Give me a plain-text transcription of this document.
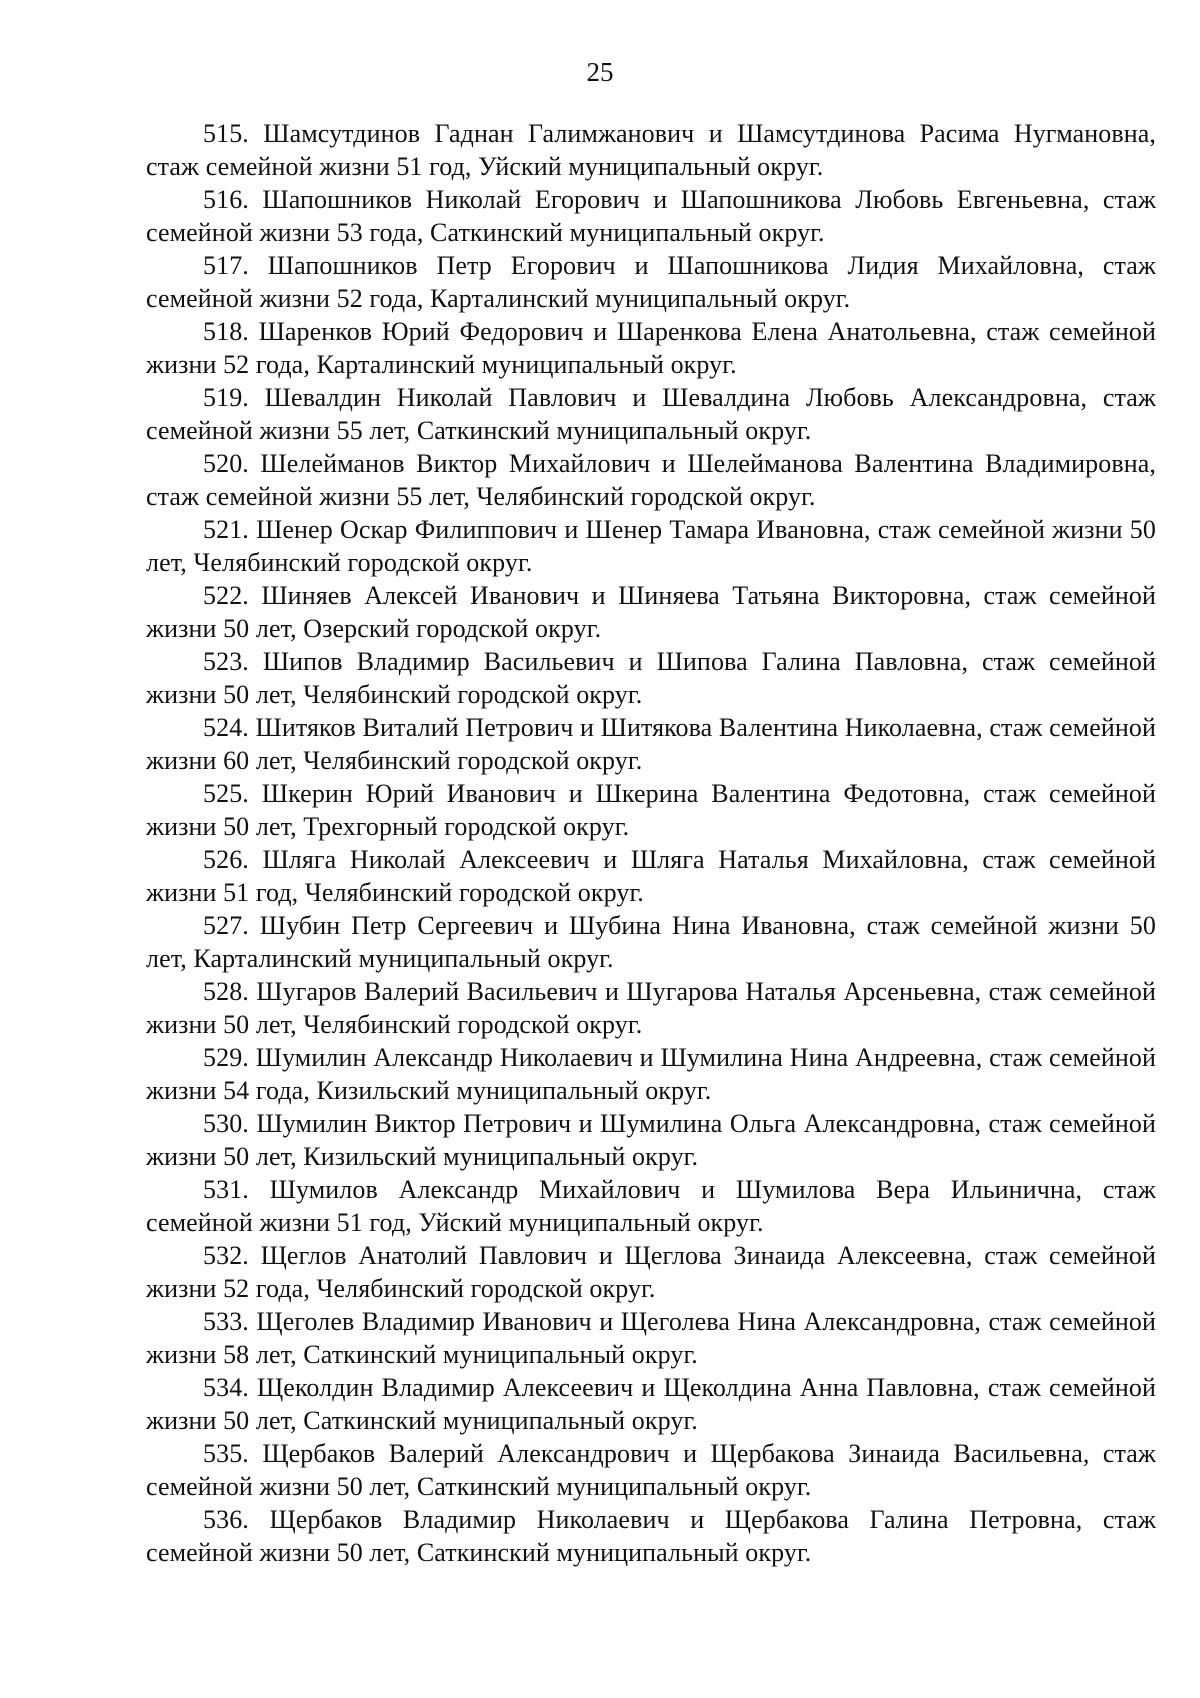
25

515. Шамсутдинов Гаднан Галимжанович и Шамсутдинова Расима Нугмановна, стаж семейной жизни 51 год, Уйский муниципальный округ.

516. Шапошников Николай Егорович и Шапошникова Любовь Евгеньевна, стаж семейной жизни 53 года, Саткинский муниципальный округ.

517. Шапошников Петр Егорович и Шапошникова Лидия Михайловна, стаж семейной жизни 52 года, Карталинский муниципальный округ.

518. Шаренков Юрий Федорович и Шаренкова Елена Анатольевна, стаж семейной жизни 52 года, Карталинский муниципальный округ.

519. Шевалдин Николай Павлович и Шевалдина Любовь Александровна, стаж семейной жизни 55 лет, Саткинский муниципальный округ.

520. Шелейманов Виктор Михайлович и Шелейманова Валентина Владимировна, стаж семейной жизни 55 лет, Челябинский городской округ.

521. Шенер Оскар Филиппович и Шенер Тамара Ивановна, стаж семейной жизни 50 лет, Челябинский городской округ.

522. Шиняев Алексей Иванович и Шиняева Татьяна Викторовна, стаж семейной жизни 50 лет, Озерский городской округ.

523. Шипов Владимир Васильевич и Шипова Галина Павловна, стаж семейной жизни 50 лет, Челябинский городской округ.

524. Шитяков Виталий Петрович и Шитякова Валентина Николаевна, стаж семейной жизни 60 лет, Челябинский городской округ.

525. Шкерин Юрий Иванович и Шкерина Валентина Федотовна, стаж семейной жизни 50 лет, Трехгорный городской округ.

526. Шляга Николай Алексеевич и Шляга Наталья Михайловна, стаж семейной жизни 51 год, Челябинский городской округ.

527. Шубин Петр Сергеевич и Шубина Нина Ивановна, стаж семейной жизни 50 лет, Карталинский муниципальный округ.

528. Шугаров Валерий Васильевич и Шугарова Наталья Арсеньевна, стаж семейной жизни 50 лет, Челябинский городской округ.

529. Шумилин Александр Николаевич и Шумилина Нина Андреевна, стаж семейной жизни 54 года, Кизильский муниципальный округ.

530. Шумилин Виктор Петрович и Шумилина Ольга Александровна, стаж семейной жизни 50 лет, Кизильский муниципальный округ.

531. Шумилов Александр Михайлович и Шумилова Вера Ильинична, стаж семейной жизни 51 год, Уйский муниципальный округ.

532. Щеглов Анатолий Павлович и Щеглова Зинаида Алексеевна, стаж семейной жизни 52 года, Челябинский городской округ.

533. Щеголев Владимир Иванович и Щеголева Нина Александровна, стаж семейной жизни 58 лет, Саткинский муниципальный округ.

534. Щеколдин Владимир Алексеевич и Щеколдина Анна Павловна, стаж семейной жизни 50 лет, Саткинский муниципальный округ.

535. Щербаков Валерий Александрович и Щербакова Зинаида Васильевна, стаж семейной жизни 50 лет, Саткинский муниципальный округ.

536. Щербаков Владимир Николаевич и Щербакова Галина Петровна, стаж семейной жизни 50 лет, Саткинский муниципальный округ.
